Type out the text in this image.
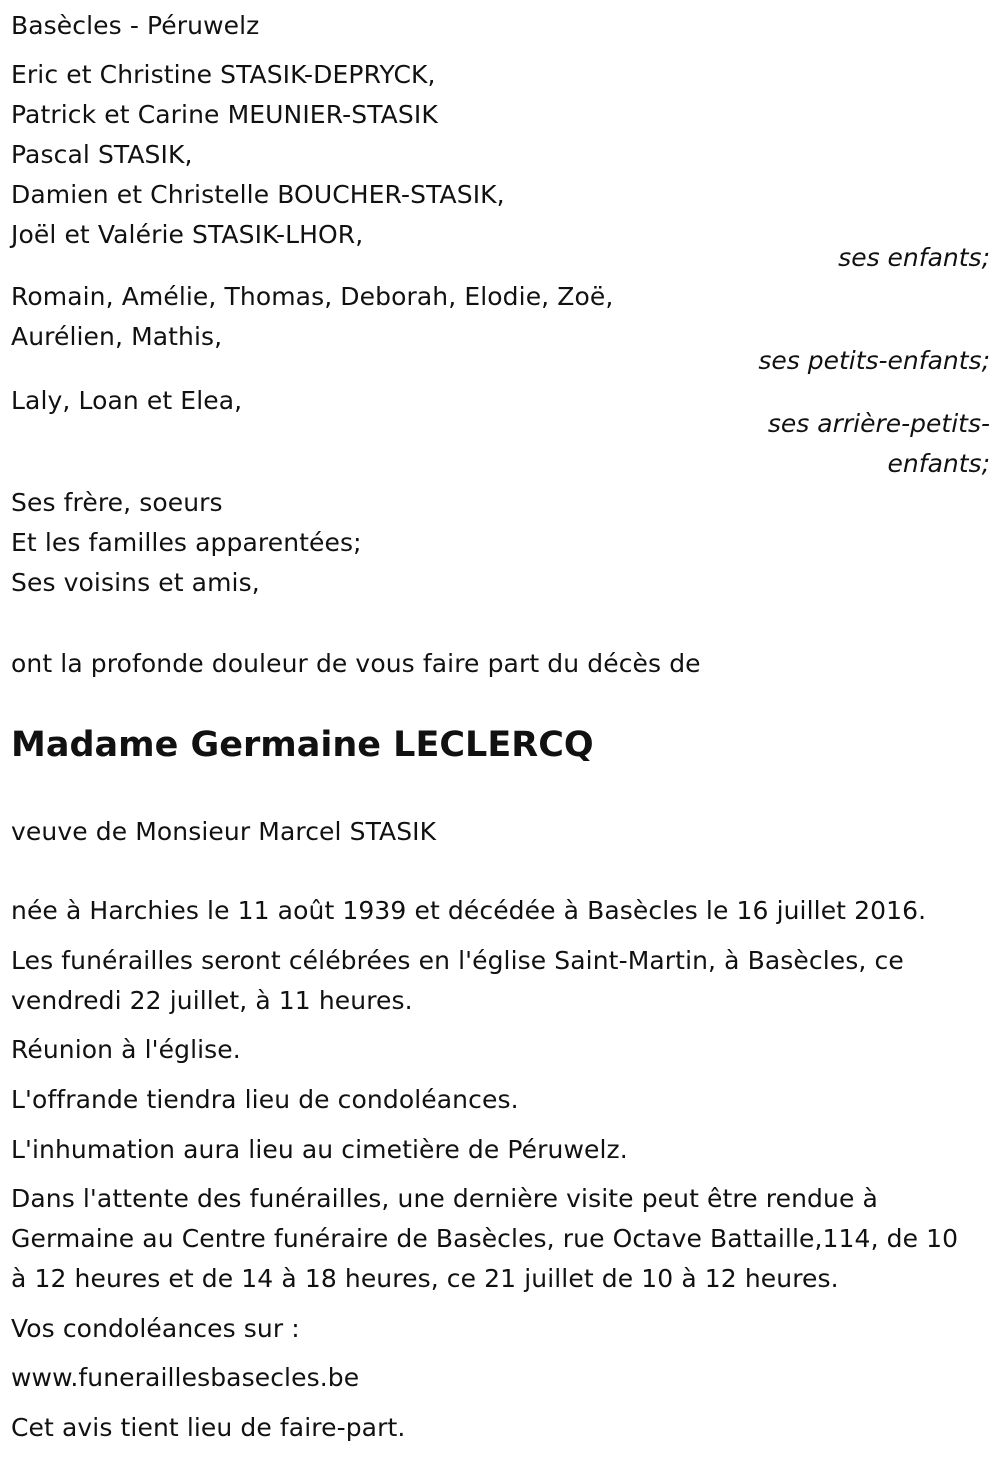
Basècles - Péruwelz
Eric et Christine STASIK-DEPRYCK,
Patrick et Carine MEUNIER-STASIK
Pascal STASIK,
Damien et Christelle BOUCHER-STASIK,
Joël et Valérie STASIK-LHOR,
ses enfants;
Romain, Amélie, Thomas, Deborah, Elodie, Zoë,
Aurélien, Mathis,
ses petits-enfants;
Laly, Loan et Elea,
ses arrière-petits-
enfants;
Ses frère, soeurs
Et les familles apparentées;
Ses voisins et amis,
ont la profonde douleur de vous faire part du décès de
Madame Germaine LECLERCQ
veuve de Monsieur Marcel STASIK
née à Harchies le 11 août 1939 et décédée à Basècles le 16 juillet 2016.
Les funérailles seront célébrées en l'église Saint-Martin, à Basècles, ce
vendredi 22 juillet, à 11 heures.
Réunion à l'église.
L'offrande tiendra lieu de condoléances.
L'inhumation aura lieu au cimetière de Péruwelz.
Dans l'attente des funérailles, une dernière visite peut être rendue à
Germaine au Centre funéraire de Basècles, rue Octave Battaille,114, de 10
à 12 heures et de 14 à 18 heures, ce 21 juillet de 10 à 12 heures.
Vos condoléances sur :
www.funeraillesbasecles.be
Cet avis tient lieu de faire-part.
